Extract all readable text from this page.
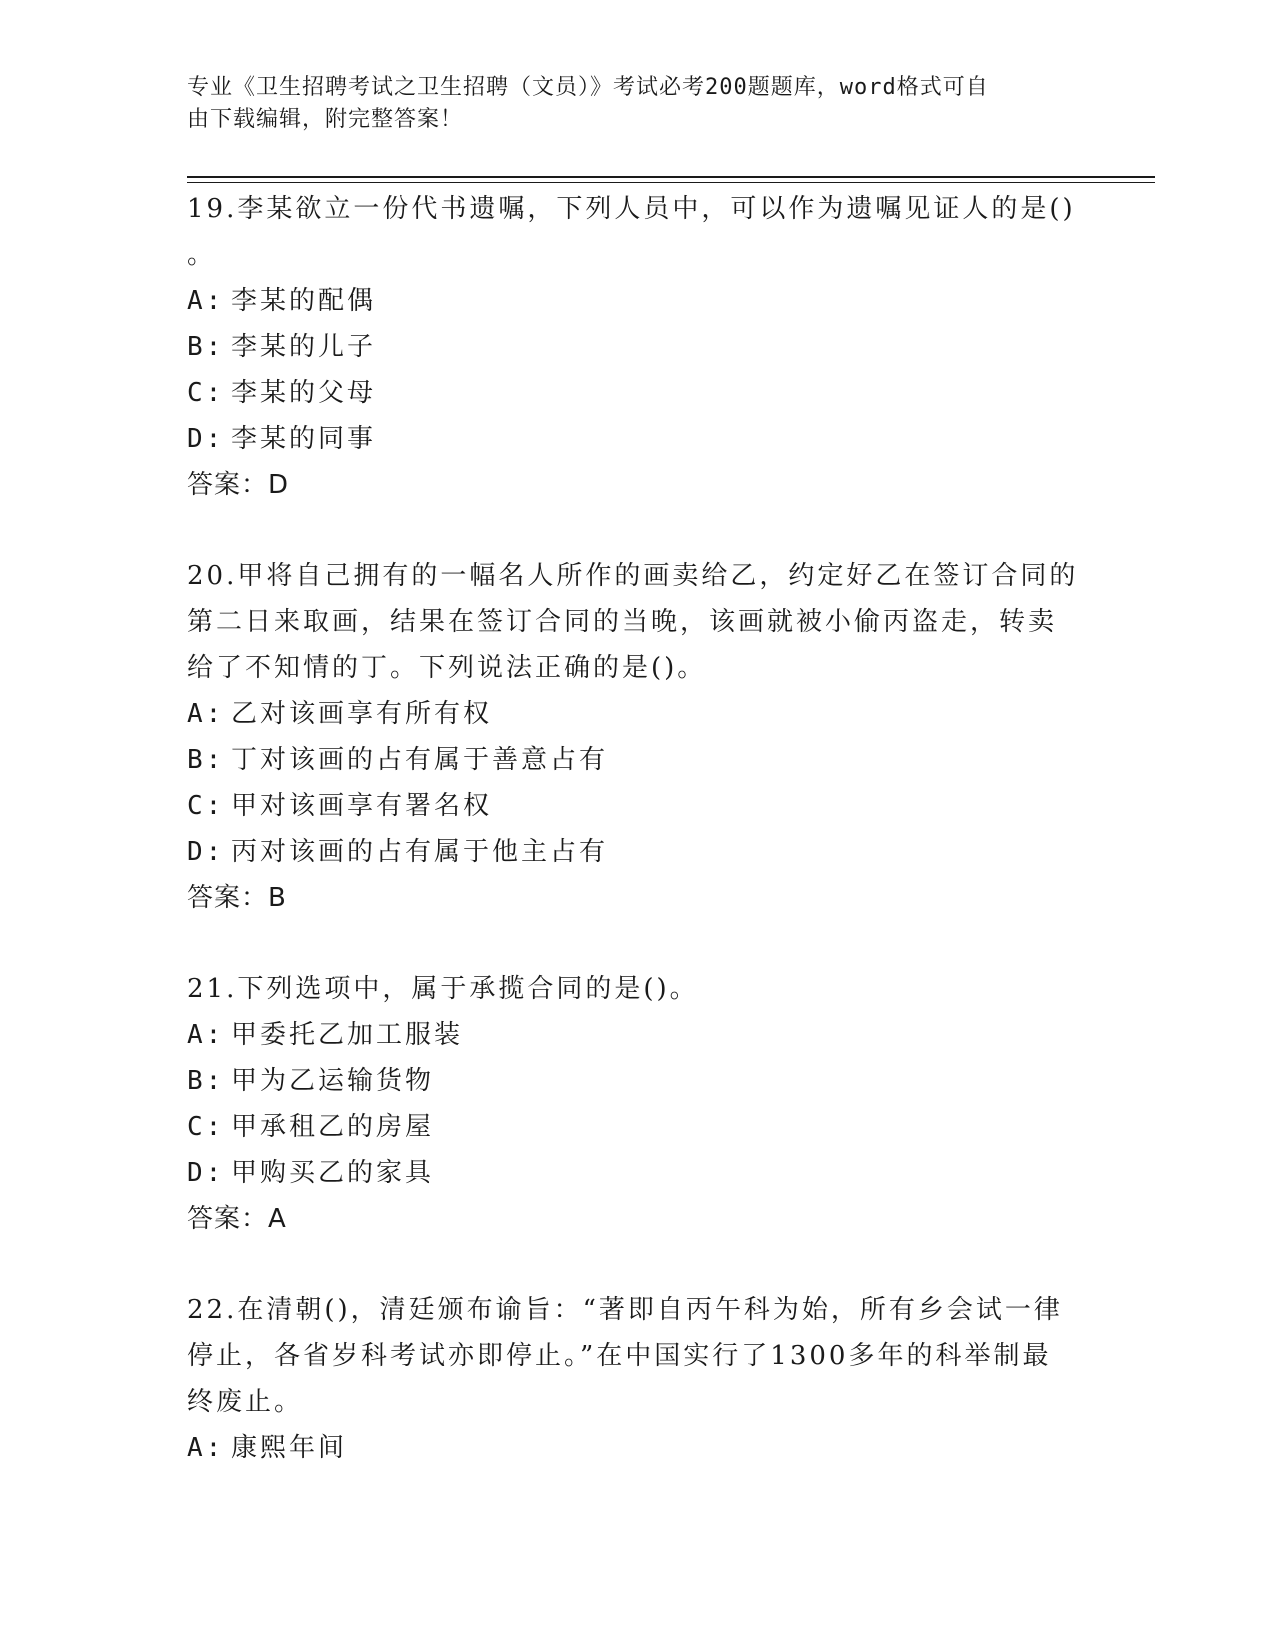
专业《卫生招聘考试之卫生招聘（文员）》考试必考200题题库，word格式可自
由下载编辑，附完整答案！
19.李某欲立一份代书遗嘱，下列人员中，可以作为遗嘱见证人的是()
。
A: 李某的配偶
B: 李某的儿子
C: 李某的父母
D: 李某的同事
答案：D
20.甲将自己拥有的一幅名人所作的画卖给乙，约定好乙在签订合同的
第二日来取画，结果在签订合同的当晚，该画就被小偷丙盗走，转卖
给了不知情的丁。下列说法正确的是()。
A: 乙对该画享有所有权
B: 丁对该画的占有属于善意占有
C: 甲对该画享有署名权
D: 丙对该画的占有属于他主占有
答案：B
21.下列选项中，属于承揽合同的是()。
A: 甲委托乙加工服装
B: 甲为乙运输货物
C: 甲承租乙的房屋
D: 甲购买乙的家具
答案：A
22.在清朝()，清廷颁布谕旨：“著即自丙午科为始，所有乡会试一律
停止，各省岁科考试亦即停止。”在中国实行了1300多年的科举制最
终废止。
A: 康熙年间
